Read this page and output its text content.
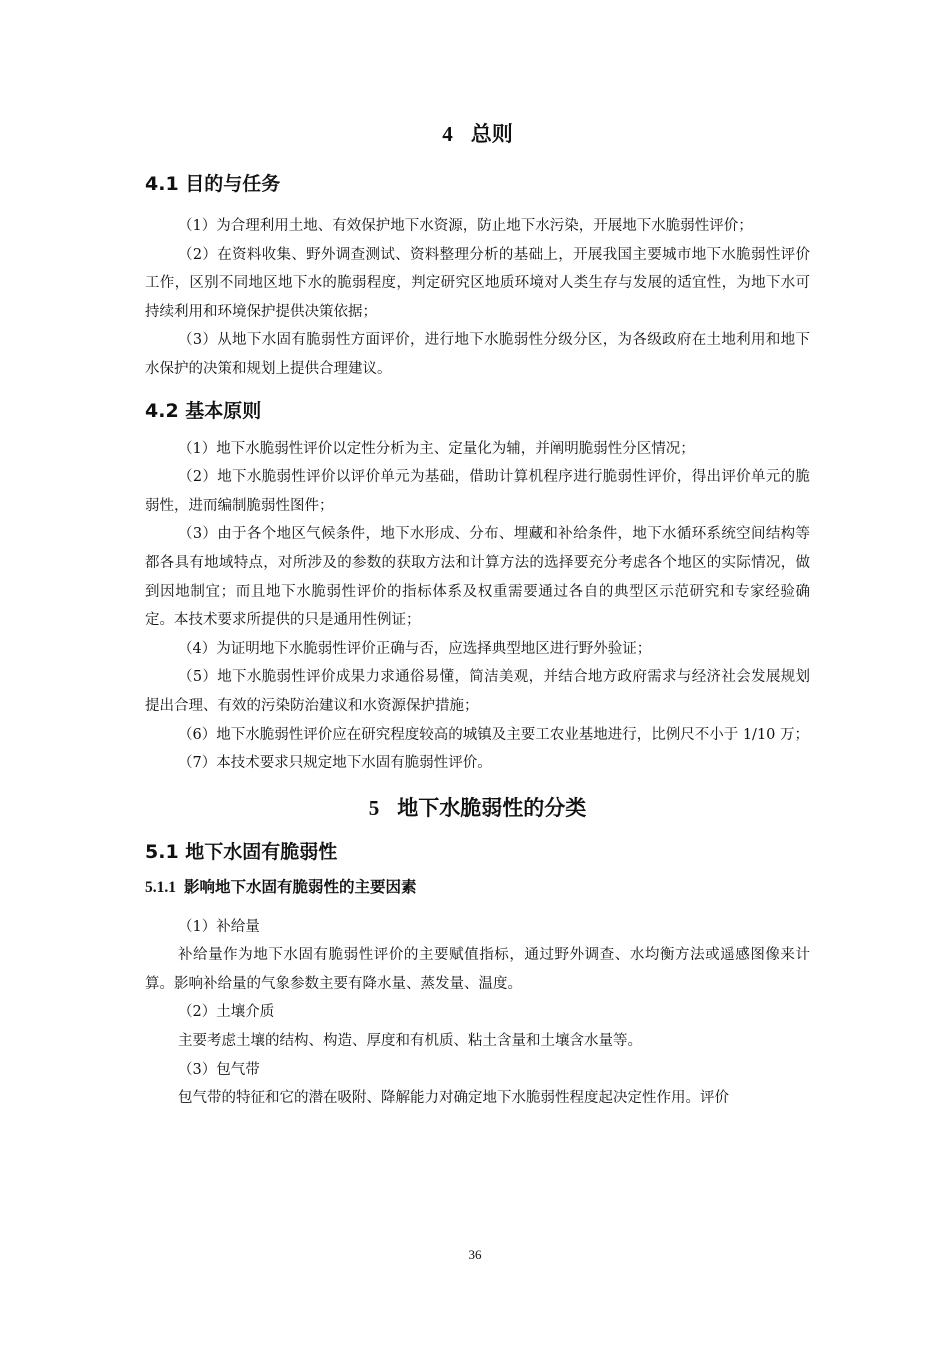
4 总则
4.1 目的与任务

（1）为合理利用土地、有效保护地下水资源，防止地下水污染，开展地下水脆弱性评价；

（2）在资料收集、野外调查测试、资料整理分析的基础上，开展我国主要城市地下水脆弱性评价工作，区别不同地区地下水的脆弱程度，判定研究区地质环境对人类生存与发展的适宜性，为地下水可持续利用和环境保护提供决策依据；

（3）从地下水固有脆弱性方面评价，进行地下水脆弱性分级分区，为各级政府在土地利用和地下水保护的决策和规划上提供合理建议。

4.2 基本原则

（1）地下水脆弱性评价以定性分析为主、定量化为辅，并阐明脆弱性分区情况；

（2）地下水脆弱性评价以评价单元为基础，借助计算机程序进行脆弱性评价，得出评价单元的脆弱性，进而编制脆弱性图件；

（3）由于各个地区气候条件，地下水形成、分布、埋藏和补给条件，地下水循环系统空间结构等都各具有地域特点，对所涉及的参数的获取方法和计算方法的选择要充分考虑各个地区的实际情况，做到因地制宜；而且地下水脆弱性评价的指标体系及权重需要通过各自的典型区示范研究和专家经验确定。本技术要求所提供的只是通用性例证；

（4）为证明地下水脆弱性评价正确与否，应选择典型地区进行野外验证；

（5）地下水脆弱性评价成果力求通俗易懂，简洁美观，并结合地方政府需求与经济社会发展规划提出合理、有效的污染防治建议和水资源保护措施；

（6）地下水脆弱性评价应在研究程度较高的城镇及主要工农业基地进行，比例尺不小于 1/10 万；

（7）本技术要求只规定地下水固有脆弱性评价。

5 地下水脆弱性的分类
5.1 地下水固有脆弱性
5.1.1 影响地下水固有脆弱性的主要因素

（1）补给量

补给量作为地下水固有脆弱性评价的主要赋值指标，通过野外调查、水均衡方法或遥感图像来计算。影响补给量的气象参数主要有降水量、蒸发量、温度。

（2）土壤介质

主要考虑土壤的结构、构造、厚度和有机质、粘土含量和土壤含水量等。

（3）包气带

包气带的特征和它的潜在吸附、降解能力对确定地下水脆弱性程度起决定性作用。评价

36
